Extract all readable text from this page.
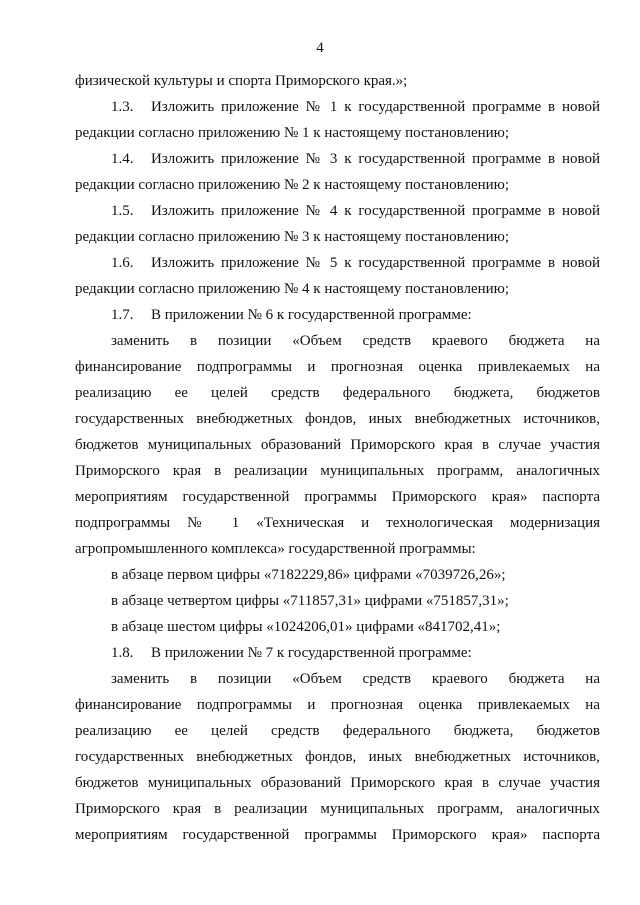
4
физической культуры и спорта Приморского края.»;
1.3.	Изложить приложение № 1 к государственной программе в новой
редакции согласно приложению № 1 к настоящему постановлению;
1.4.	Изложить приложение № 3 к государственной программе в новой
редакции согласно приложению № 2 к настоящему постановлению;
1.5.	Изложить приложение № 4 к государственной программе в новой
редакции согласно приложению № 3 к настоящему постановлению;
1.6.	Изложить приложение № 5 к государственной программе в новой
редакции согласно приложению № 4 к настоящему постановлению;
1.7. В приложении № 6 к государственной программе:
заменить в позиции «Объем средств краевого бюджета на
финансирование подпрограммы и прогнозная оценка привлекаемых на
реализацию ее целей средств федерального бюджета, бюджетов
государственных внебюджетных фондов, иных внебюджетных источников,
бюджетов муниципальных образований Приморского края в случае участия
Приморского края в реализации муниципальных программ, аналогичных
мероприятиям государственной программы Приморского края» паспорта
подпрограммы № 1 «Техническая и технологическая модернизация
агропромышленного комплекса» государственной программы:
в абзаце первом цифры «7182229,86» цифрами «7039726,26»;
в абзаце четвертом цифры «711857,31» цифрами «751857,31»;
в абзаце шестом цифры «1024206,01» цифрами «841702,41»;
1.8. В приложении № 7 к государственной программе:
заменить в позиции «Объем средств краевого бюджета на
финансирование подпрограммы и прогнозная оценка привлекаемых на
реализацию ее целей средств федерального бюджета, бюджетов
государственных внебюджетных фондов, иных внебюджетных источников,
бюджетов муниципальных образований Приморского края в случае участия
Приморского края в реализации муниципальных программ, аналогичных
мероприятиям государственной программы Приморского края» паспорта
